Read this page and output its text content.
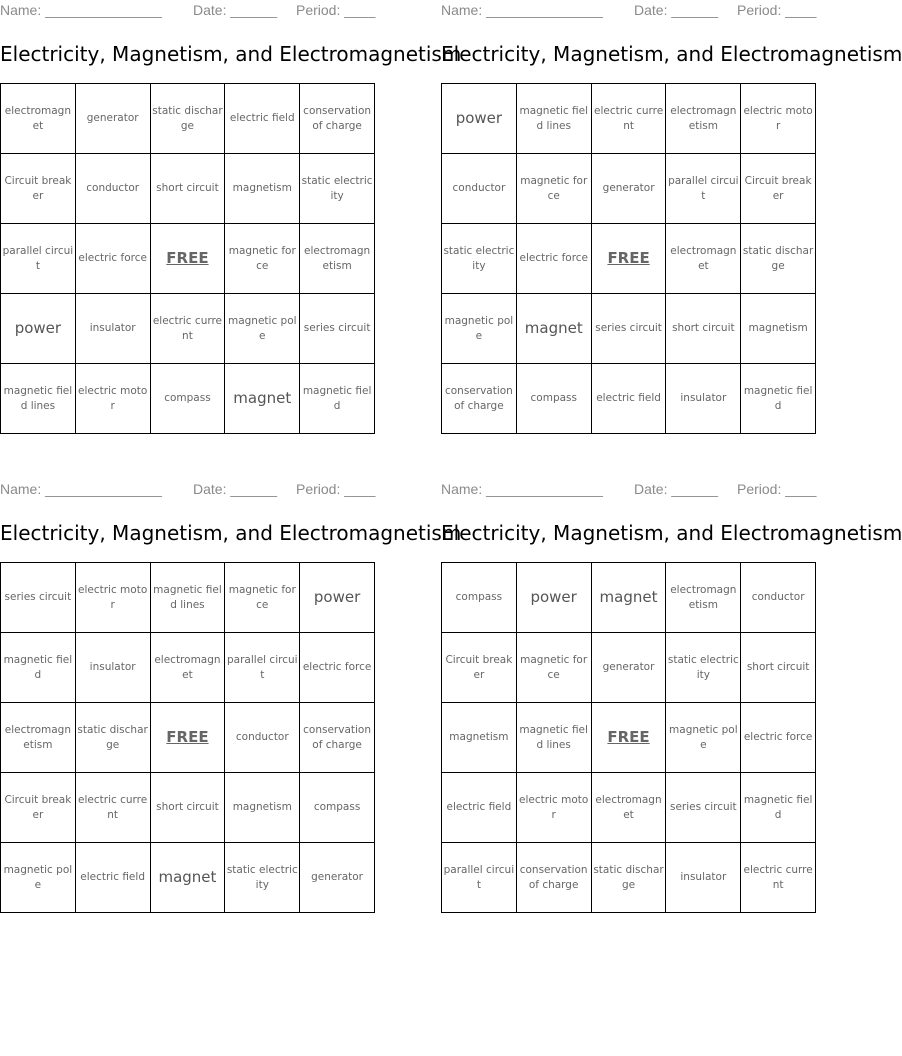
Name: _______________ Date: ______ Period: ____
Electricity, Magnetism, and Electromagnetism
electromagnet	generator	static discharge	electric field	conservation of charge
Circuit breaker	conductor	short circuit	magnetism	static electricity
parallel circuit	electric force	FREE	magnetic force	electromagnetism
power	insulator	electric current	magnetic pole	series circuit
magnetic field lines	electric motor	compass	magnet	magnetic field
Name: _______________ Date: ______ Period: ____
Electricity, Magnetism, and Electromagnetism
power	magnetic field lines	electric current	electromagnetism	electric motor
conductor	magnetic force	generator	parallel circuit	Circuit breaker
static electricity	electric force	FREE	electromagnet	static discharge
magnetic pole	magnet	series circuit	short circuit	magnetism
conservation of charge	compass	electric field	insulator	magnetic field
Name: _______________ Date: ______ Period: ____
Electricity, Magnetism, and Electromagnetism
series circuit	electric motor	magnetic field lines	magnetic force	power
magnetic field	insulator	electromagnet	parallel circuit	electric force
electromagnetism	static discharge	FREE	conductor	conservation of charge
Circuit breaker	electric current	short circuit	magnetism	compass
magnetic pole	electric field	magnet	static electricity	generator
Name: _______________ Date: ______ Period: ____
Electricity, Magnetism, and Electromagnetism
compass	power	magnet	electromagnetism	conductor
Circuit breaker	magnetic force	generator	static electricity	short circuit
magnetism	magnetic field lines	FREE	magnetic pole	electric force
electric field	electric motor	electromagnet	series circuit	magnetic field
parallel circuit	conservation of charge	static discharge	insulator	electric current
